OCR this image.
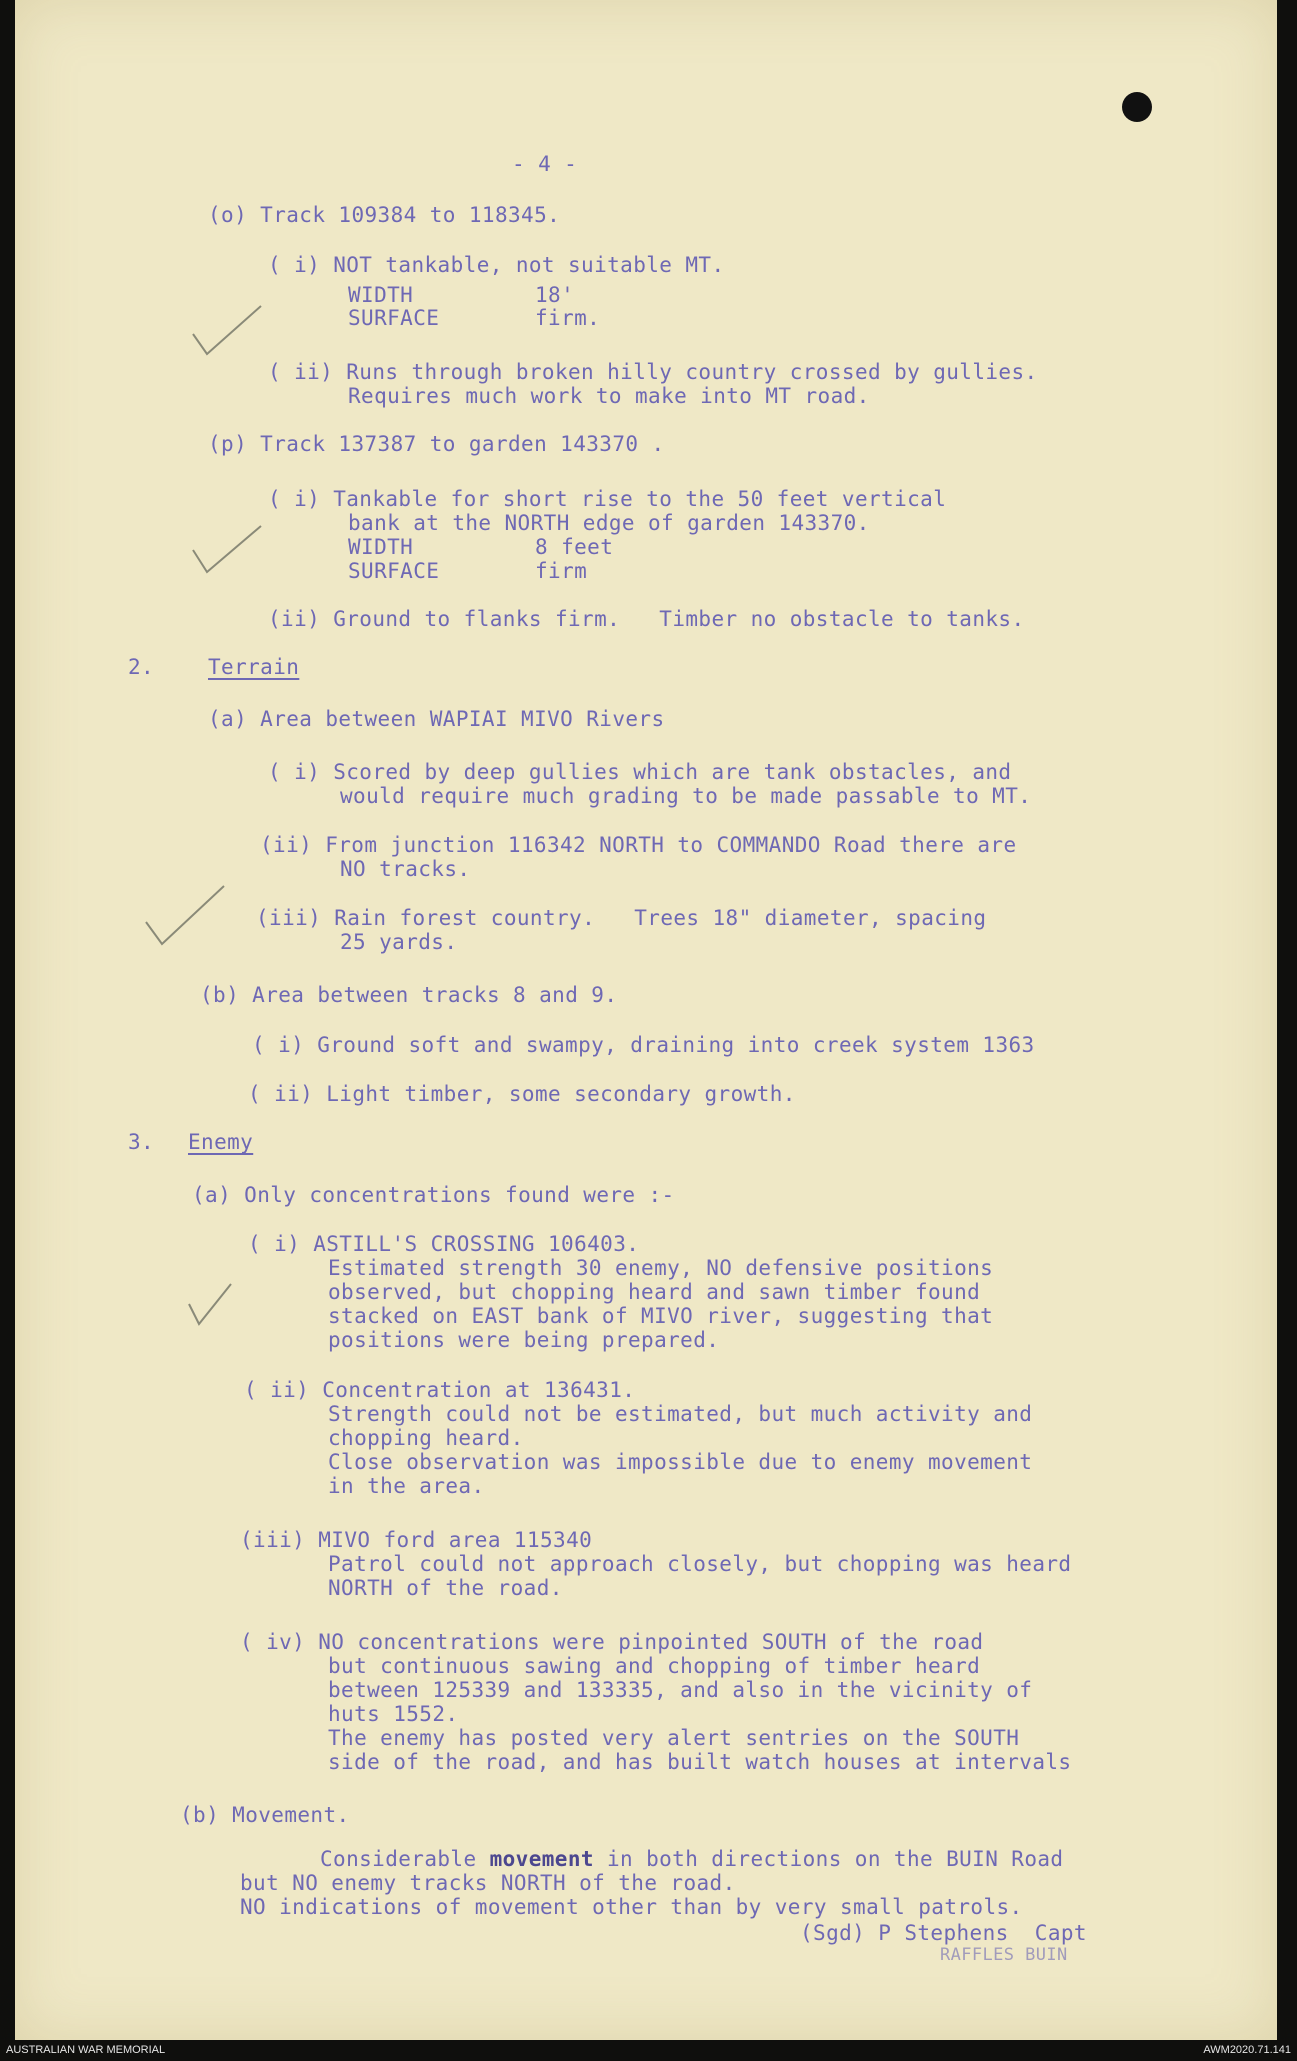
- 4 -
(o) Track 109384 to 118345.
( i) NOT tankable, not suitable MT.
WIDTH	18'
SURFACE	firm.
( ii) Runs through broken hilly country crossed by gullies.
Requires much work to make into MT road.
(p) Track 137387 to garden 143370 .
( i) Tankable for short rise to the 50 feet vertical
bank at the NORTH edge of garden 143370.
WIDTH	8 feet
SURFACE	firm
(ii) Ground to flanks firm.   Timber no obstacle to tanks.
2.	Terrain
(a) Area between WAPIAI MIVO Rivers
( i) Scored by deep gullies which are tank obstacles, and
would require much grading to be made passable to MT.
(ii) From junction 116342 NORTH to COMMANDO Road there are
NO tracks.
(iii) Rain forest country.   Trees 18" diameter, spacing
25 yards.
(b) Area between tracks 8 and 9.
( i) Ground soft and swampy, draining into creek system 1363
( ii) Light timber, some secondary growth.
3. Enemy
(a) Only concentrations found were :-
( i) ASTILL'S CROSSING 106403.
Estimated strength 30 enemy, NO defensive positions
observed, but chopping heard and sawn timber found
stacked on EAST bank of MIVO river, suggesting that
positions were being prepared.
( ii) Concentration at 136431.
Strength could not be estimated, but much activity and
chopping heard.
Close observation was impossible due to enemy movement
in the area.
(iii) MIVO ford area 115340
Patrol could not approach closely, but chopping was heard
NORTH of the road.
( iv) NO concentrations were pinpointed SOUTH of the road
but continuous sawing and chopping of timber heard
between 125339 and 133335, and also in the vicinity of
huts 1552.
The enemy has posted very alert sentries on the SOUTH
side of the road, and has built watch houses at intervals
(b) Movement.
Considerable movement in both directions on the BUIN Road
but NO enemy tracks NORTH of the road.
NO indications of movement other than by very small patrols.
(Sgd) P Stephens  Capt
RAFFLES BUIN
AUSTRALIAN WAR MEMORIAL	AWM2020.71.141
